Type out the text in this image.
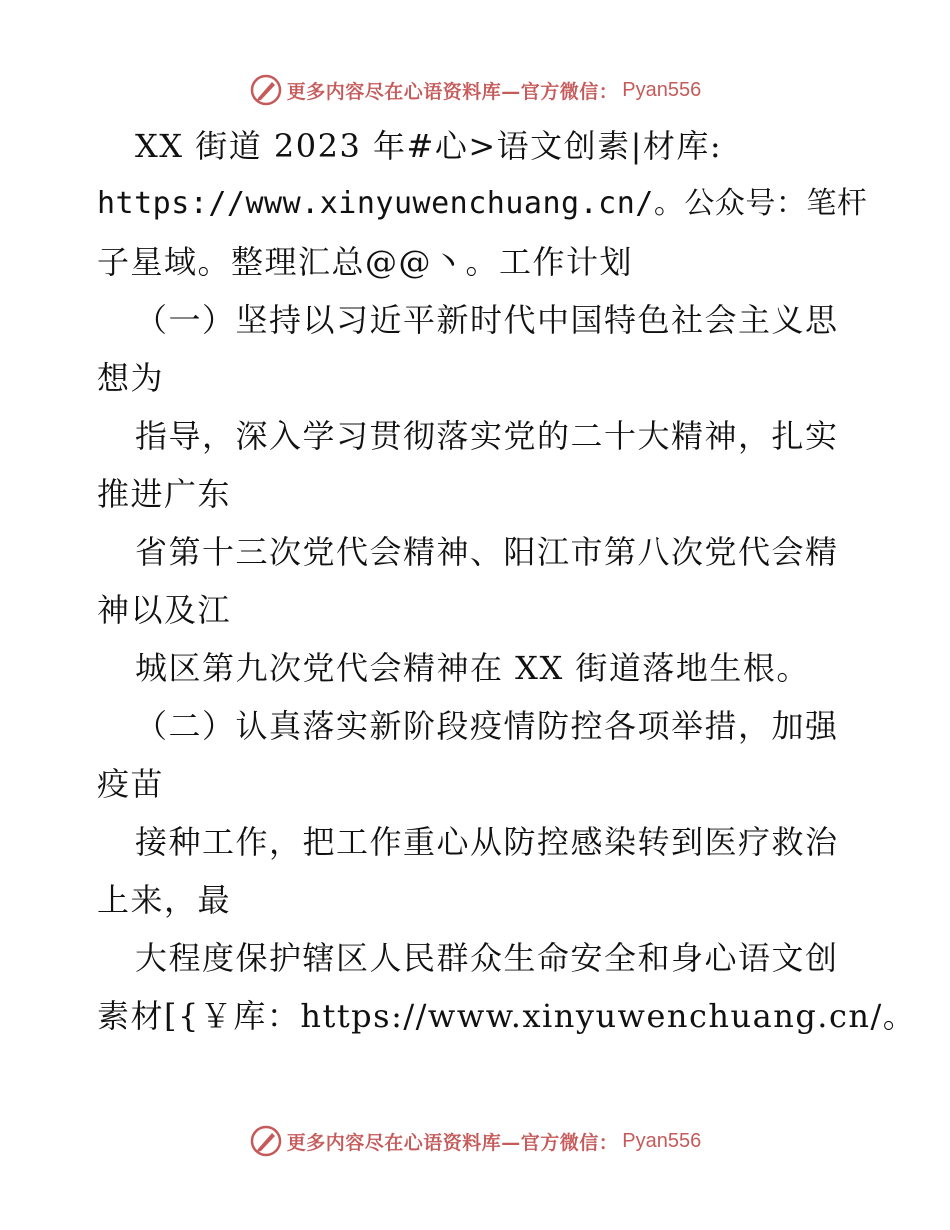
更多内容尽在心语资料库—官方微信： Pyan556
XX 街道 2023 年#心>语文创素|材库:
https://www.xinyuwenchuang.cn/。公众号：笔杆
子星域。整理汇总@@丶。工作计划
（一）坚持以习近平新时代中国特色社会主义思
想为
指导，深入学习贯彻落实党的二十大精神，扎实
推进广东
省第十三次党代会精神、阳江市第八次党代会精
神以及江
城区第九次党代会精神在 XX 街道落地生根。
（二）认真落实新阶段疫情防控各项举措，加强
疫苗
接种工作，把工作重心从防控感染转到医疗救治
上来，最
大程度保护辖区人民群众生命安全和身心语文创
素材[{￥库：https://www.xinyuwenchuang.cn/。
更多内容尽在心语资料库—官方微信： Pyan556
